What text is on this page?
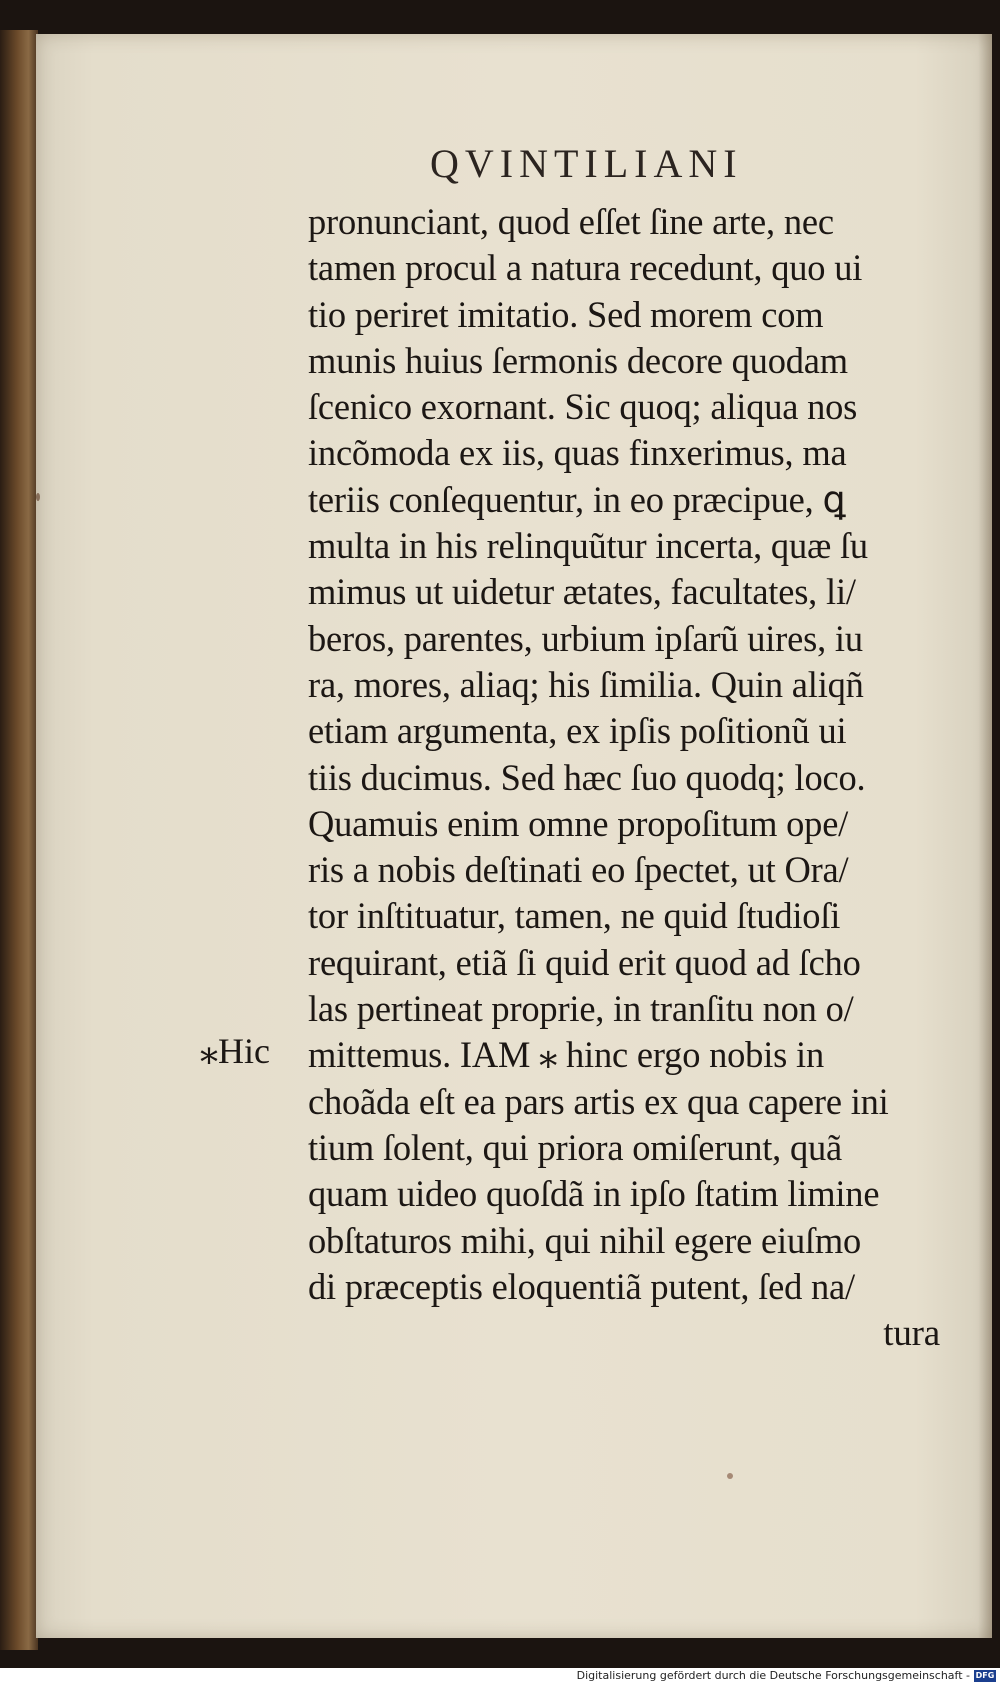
QVINTILIANI
⁎Hic
pronunciant, quod eſſet ſine arte, nec
tamen procul a natura recedunt, quo ui
tio periret imitatio. Sed morem com
munis huius ſermonis decore quodam
ſcenico exornant. Sic quoq; aliqua nos
incõmoda ex iis, quas finxerimus, ma
teriis conſequentur, in eo præcipue, ꝗ
multa in his relinquũtur incerta, quæ ſu
mimus ut uidetur ætates, facultates, li/
beros, parentes, urbium ipſarũ uires, iu
ra, mores, aliaq; his ſimilia. Quin aliqñ
etiam argumenta, ex ipſis poſitionũ ui
tiis ducimus. Sed hæc ſuo quodq; loco.
Quamuis enim omne propoſitum ope/
ris a nobis deſtinati eo ſpectet, ut Ora/
tor inſtituatur, tamen, ne quid ſtudioſi
requirant, etiã ſi quid erit quod ad ſcho
las pertineat proprie, in tranſitu non o/
mittemus. IAM ⁎ hinc ergo nobis in
choãda eſt ea pars artis ex qua capere ini
tium ſolent, qui priora omiſerunt, quã
quam uideo quoſdã in ipſo ſtatim limine
obſtaturos mihi, qui nihil egere eiuſmo
di præceptis eloquentiã putent, ſed na/
tura
Digitalisierung gefördert durch die Deutsche Forschungsgemeinschaft - DFG
